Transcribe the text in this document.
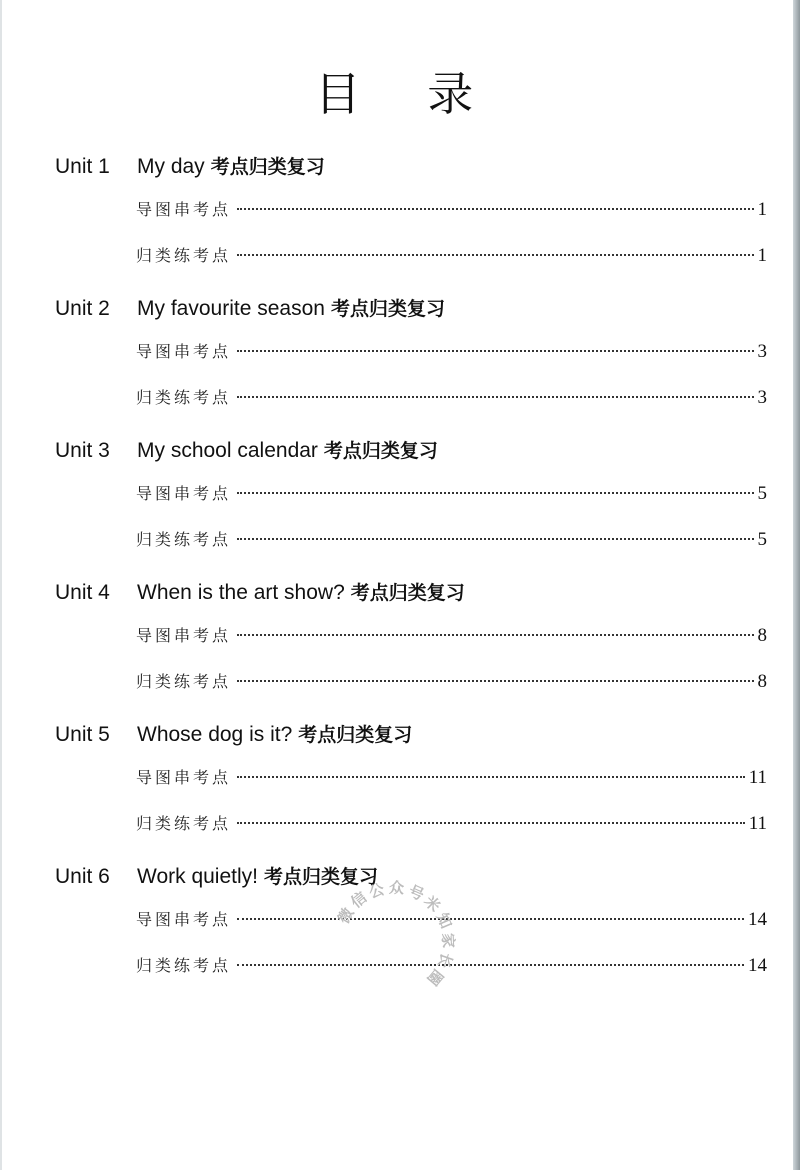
目 录
Unit 1 My day 考点归类复习
导图串考点	1
归类练考点	1
Unit 2 My favourite season 考点归类复习
导图串考点	3
归类练考点	3
Unit 3 My school calendar 考点归类复习
导图串考点	5
归类练考点	5
Unit 4 When is the art show? 考点归类复习
导图串考点	8
归类练考点	8
Unit 5 Whose dog is it? 考点归类复习
导图串考点	11
归类练考点	11
Unit 6 Work quietly! 考点归类复习
导图串考点	14
归类练考点	14
微
信
公 众 号
米
知
家
长
圈
